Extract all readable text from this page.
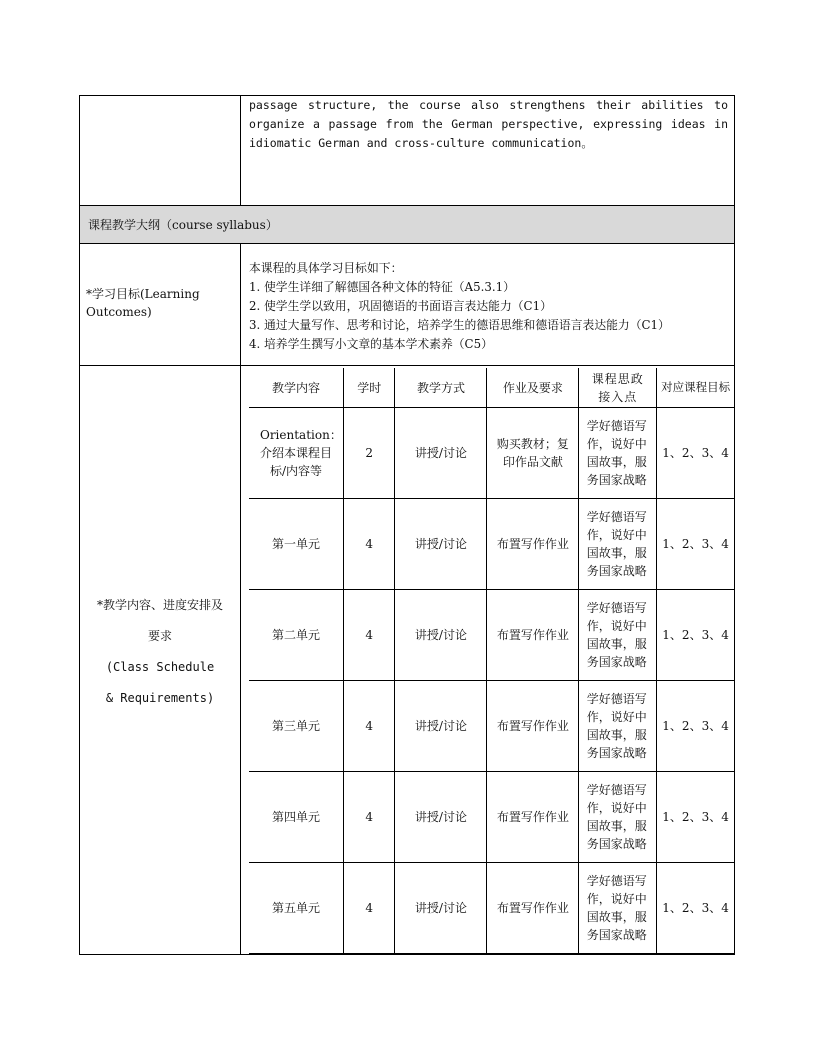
passage structure, the course also strengthens their abilities to organize a passage from the German perspective, expressing ideas in idiomatic German and cross-culture communication。
课程教学大纲（course syllabus）
*学习目标(Learning Outcomes)
本课程的具体学习目标如下：
1. 使学生详细了解德国各种文体的特征（A5.3.1）
2. 使学生学以致用，巩固德语的书面语言表达能力（C1）
3. 通过大量写作、思考和讨论，培养学生的德语思维和德语语言表达能力（C1）
4. 培养学生撰写小文章的基本学术素养（C5）
*教学内容、进度安排及
要求
(Class Schedule
& Requirements)
教学内容	学时	教学方式	作业及要求	课程思政接入点	对应课程目标
Orientation：介绍本课程目标/内容等	2	讲授/讨论	购买教材；复印作品文献	学好德语写作，说好中国故事，服务国家战略	1、2、3、4
第一单元	4	讲授/讨论	布置写作作业	学好德语写作，说好中国故事，服务国家战略	1、2、3、4
第二单元	4	讲授/讨论	布置写作作业	学好德语写作，说好中国故事，服务国家战略	1、2、3、4
第三单元	4	讲授/讨论	布置写作作业	学好德语写作，说好中国故事，服务国家战略	1、2、3、4
第四单元	4	讲授/讨论	布置写作作业	学好德语写作，说好中国故事，服务国家战略	1、2、3、4
第五单元	4	讲授/讨论	布置写作作业	学好德语写作，说好中国故事，服务国家战略	1、2、3、4
